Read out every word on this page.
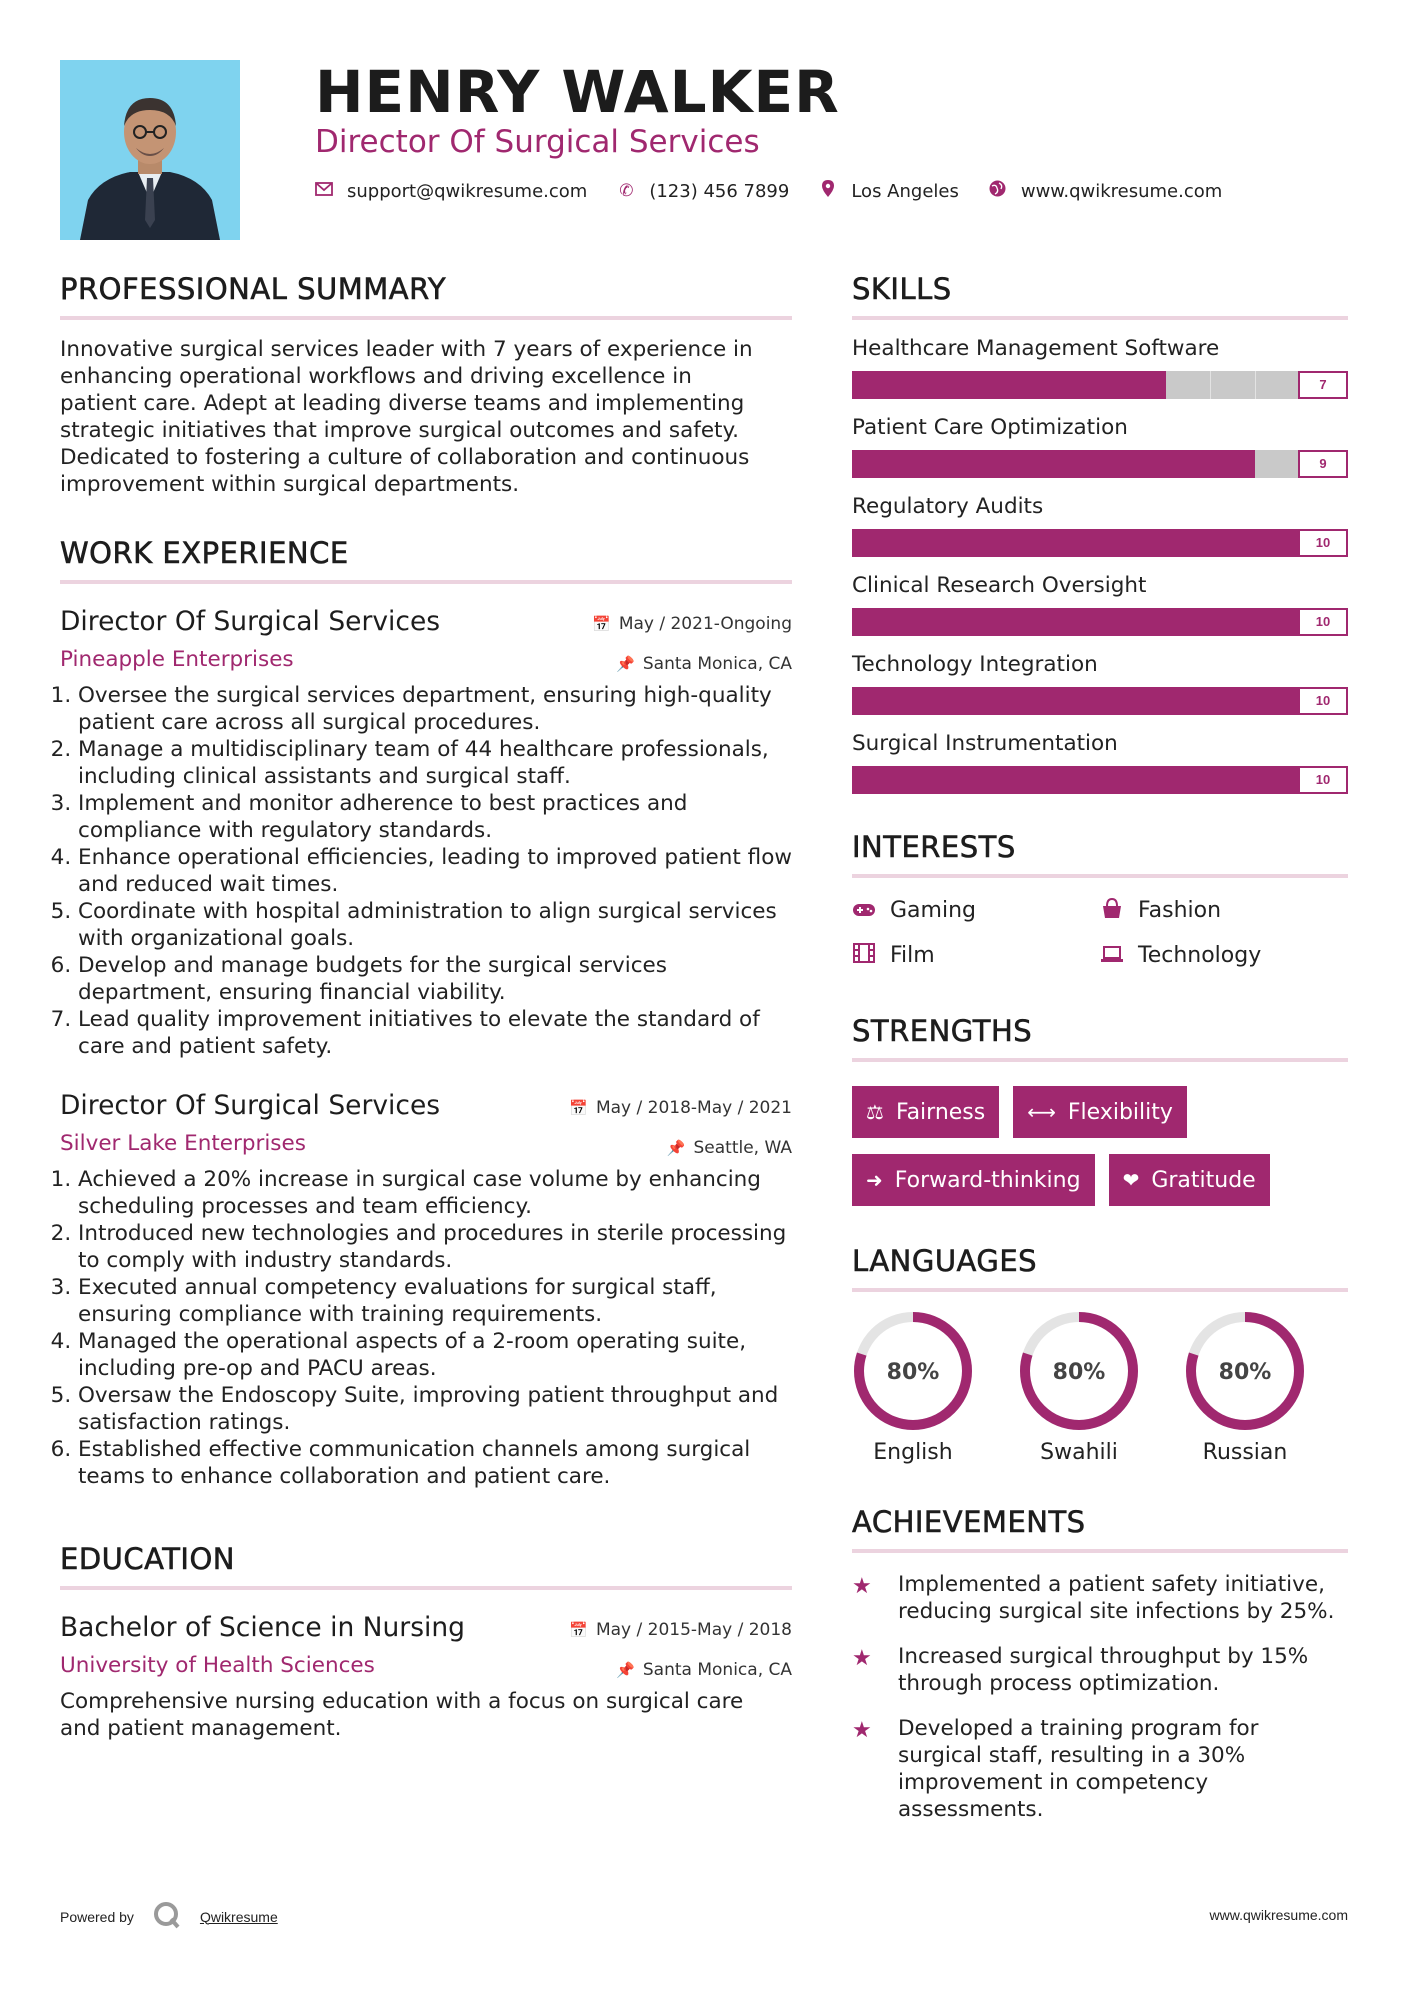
HENRY WALKER
Director Of Surgical Services
support@qwikresume.com ✆ (123) 456 7899	Los Angeles	www.qwikresume.com
PROFESSIONAL SUMMARY
Innovative surgical services leader with 7 years of experience in
enhancing operational workflows and driving excellence in
patient care. Adept at leading diverse teams and implementing
strategic initiatives that improve surgical outcomes and safety.
Dedicated to fostering a culture of collaboration and continuous
improvement within surgical departments.
WORK EXPERIENCE
Director Of Surgical Services	📅 May / 2021-Ongoing
Pineapple Enterprises	📌 Santa Monica, CA
1. Oversee the surgical services department, ensuring high-quality patient care across all surgical procedures.
2. Manage a multidisciplinary team of 44 healthcare professionals, including clinical assistants and surgical staff.
3. Implement and monitor adherence to best practices and compliance with regulatory standards.
4. Enhance operational efficiencies, leading to improved patient flow and reduced wait times.
5. Coordinate with hospital administration to align surgical services with organizational goals.
6. Develop and manage budgets for the surgical services department, ensuring financial viability.
7. Lead quality improvement initiatives to elevate the standard of care and patient safety.
Director Of Surgical Services	📅 May / 2018-May / 2021
Silver Lake Enterprises	📌 Seattle, WA
1. Achieved a 20% increase in surgical case volume by enhancing scheduling processes and team efficiency.
2. Introduced new technologies and procedures in sterile processing to comply with industry standards.
3. Executed annual competency evaluations for surgical staff, ensuring compliance with training requirements.
4. Managed the operational aspects of a 2-room operating suite, including pre-op and PACU areas.
5. Oversaw the Endoscopy Suite, improving patient throughput and satisfaction ratings.
6. Established effective communication channels among surgical teams to enhance collaboration and patient care.
EDUCATION
Bachelor of Science in Nursing	📅 May / 2015-May / 2018
University of Health Sciences	📌 Santa Monica, CA
Comprehensive nursing education with a focus on surgical care
and patient management.
SKILLS
Healthcare Management Software
7
Patient Care Optimization
9
Regulatory Audits
10
Clinical Research Oversight
10
Technology Integration
10
Surgical Instrumentation
10
INTERESTS
Gaming	Fashion
Film	Technology
STRENGTHS
⚖ Fairness ⟷ Flexibility
➜ Forward-thinking ❤ Gratitude
LANGUAGES
80%
English
80%
Swahili
80%
Russian
ACHIEVEMENTS
★	Implemented a patient safety initiative,
reducing surgical site infections by 25%.
★	Increased surgical throughput by 15%
through process optimization.
★	Developed a training program for
surgical staff, resulting in a 30%
improvement in competency
assessments.
Powered by	Qwikresume	www.qwikresume.com
